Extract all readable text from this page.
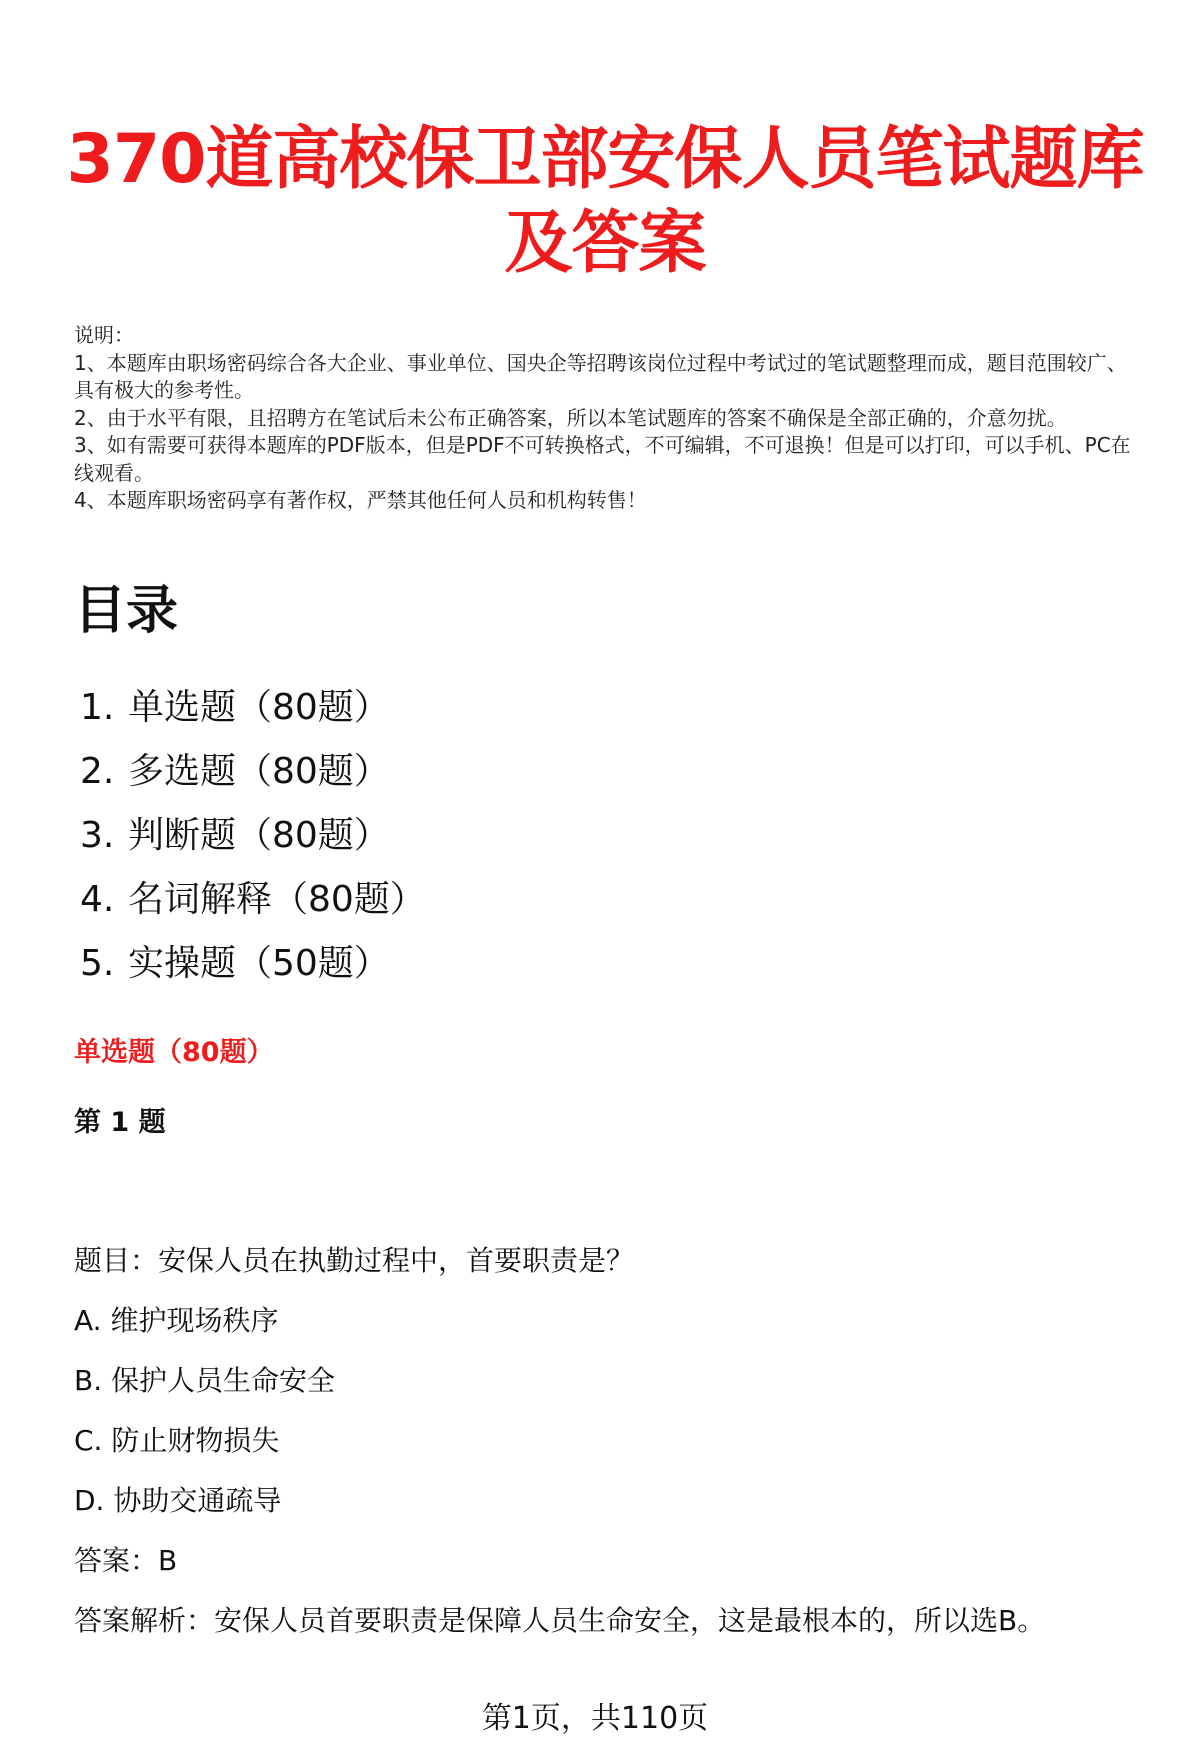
370道高校保卫部安保人员笔试题库及答案
说明：
1、本题库由职场密码综合各大企业、事业单位、国央企等招聘该岗位过程中考试过的笔试题整理而成，题目范围较广、具有极大的参考性。
2、由于水平有限，且招聘方在笔试后未公布正确答案，所以本笔试题库的答案不确保是全部正确的，介意勿扰。
3、如有需要可获得本题库的PDF版本，但是PDF不可转换格式，不可编辑，不可退换！但是可以打印，可以手机、PC在线观看。
4、本题库职场密码享有著作权，严禁其他任何人员和机构转售！
目录
1. 单选题（80题）
2. 多选题（80题）
3. 判断题（80题）
4. 名词解释（80题）
5. 实操题（50题）
单选题（80题）
第 1 题
题目：安保人员在执勤过程中，首要职责是？
A. 维护现场秩序
B. 保护人员生命安全
C. 防止财物损失
D. 协助交通疏导
答案：B
答案解析：安保人员首要职责是保障人员生命安全，这是最根本的，所以选B。
第1页，共110页
